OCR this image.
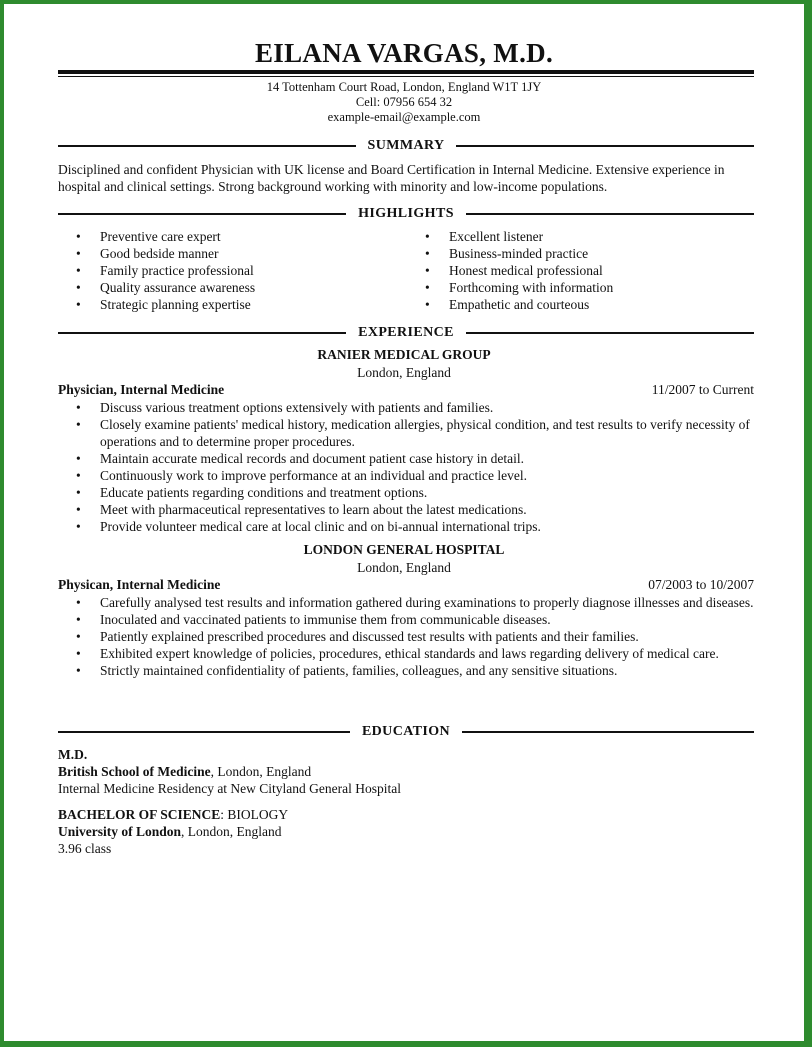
EILANA VARGAS, M.D.
14 Tottenham Court Road, London, England W1T 1JY
Cell: 07956 654 32
example-email@example.com
SUMMARY
Disciplined and confident Physician with UK license and Board Certification in Internal Medicine. Extensive experience in hospital and clinical settings. Strong background working with minority and low-income populations.
HIGHLIGHTS
• Preventive care expert
• Good bedside manner
• Family practice professional
• Quality assurance awareness
• Strategic planning expertise
• Excellent listener
• Business-minded practice
• Honest medical professional
• Forthcoming with information
• Empathetic and courteous
EXPERIENCE
RANIER MEDICAL GROUP
London, England
Physician, Internal Medicine	11/2007 to Current
• Discuss various treatment options extensively with patients and families.
• Closely examine patients' medical history, medication allergies, physical condition, and test results to verify necessity of operations and to determine proper procedures.
• Maintain accurate medical records and document patient case history in detail.
• Continuously work to improve performance at an individual and practice level.
• Educate patients regarding conditions and treatment options.
• Meet with pharmaceutical representatives to learn about the latest medications.
• Provide volunteer medical care at local clinic and on bi-annual international trips.
LONDON GENERAL HOSPITAL
London, England
Physican, Internal Medicine	07/2003 to 10/2007
• Carefully analysed test results and information gathered during examinations to properly diagnose illnesses and diseases.
• Inoculated and vaccinated patients to immunise them from communicable diseases.
• Patiently explained prescribed procedures and discussed test results with patients and their families.
• Exhibited expert knowledge of policies, procedures, ethical standards and laws regarding delivery of medical care.
• Strictly maintained confidentiality of patients, families, colleagues, and any sensitive situations.
EDUCATION
M.D.
British School of Medicine, London, England
Internal Medicine Residency at New Cityland General Hospital
BACHELOR OF SCIENCE: BIOLOGY
University of London, London, England
3.96 class
